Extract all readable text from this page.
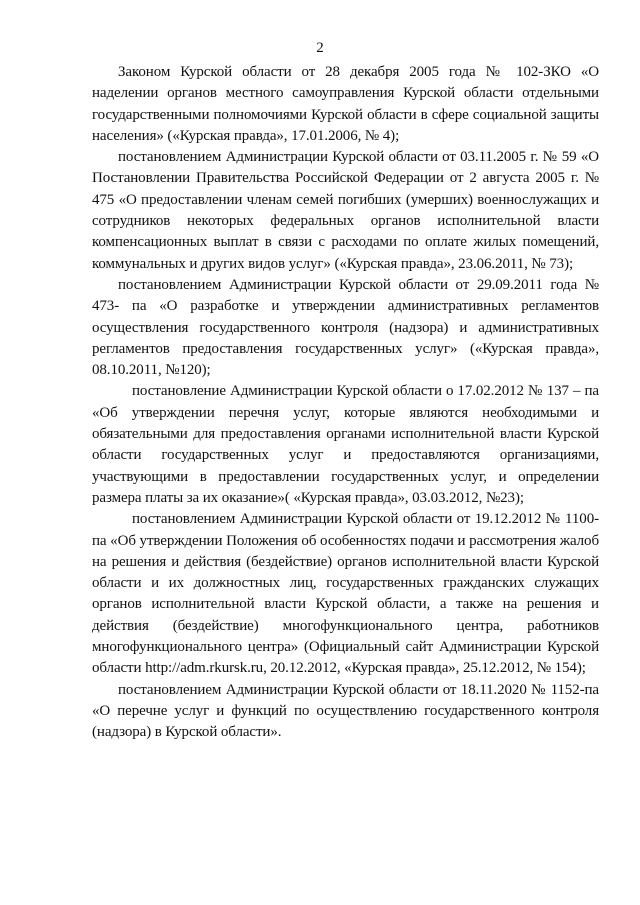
2

Законом Курской области от 28 декабря 2005 года № 102-ЗКО «О наделении органов местного самоуправления Курской области отдельными государственными полномочиями Курской области в сфере социальной защиты населения» («Курская правда», 17.01.2006, № 4);

постановлением Администрации Курской области от 03.11.2005 г. № 59 «О Постановлении Правительства Российской Федерации от 2 августа 2005 г. № 475 «О предоставлении членам семей погибших (умерших) военнослужащих и сотрудников некоторых федеральных органов исполнительной власти компенсационных выплат в связи с расходами по оплате жилых помещений, коммунальных и других видов услуг» («Курская правда», 23.06.2011, № 73);

постановлением Администрации Курской области от 29.09.2011 года № 473- па «О разработке и утверждении административных регламентов осуществления государственного контроля (надзора) и административных регламентов предоставления государственных услуг» («Курская правда», 08.10.2011, №120);

постановление Администрации Курской области о 17.02.2012 № 137 – па «Об утверждении перечня услуг, которые являются необходимыми и обязательными для предоставления органами исполнительной власти Курской области государственных услуг и предоставляются организациями, участвующими в предоставлении государственных услуг, и определении размера платы за их оказание»( «Курская правда», 03.03.2012, №23);

постановлением Администрации Курской области от 19.12.2012 № 1100- па «Об утверждении Положения об особенностях подачи и рассмотрения жалоб на решения и действия (бездействие) органов исполнительной власти Курской области и их должностных лиц, государственных гражданских служащих органов исполнительной власти Курской области, а также на решения и действия (бездействие) многофункционального центра, работников многофункционального центра» (Официальный сайт Администрации Курской области http://adm.rkursk.ru, 20.12.2012, «Курская правда», 25.12.2012, № 154);

постановлением Администрации Курской области от 18.11.2020 № 1152-па «О перечне услуг и функций по осуществлению государственного контроля (надзора) в Курской области».
